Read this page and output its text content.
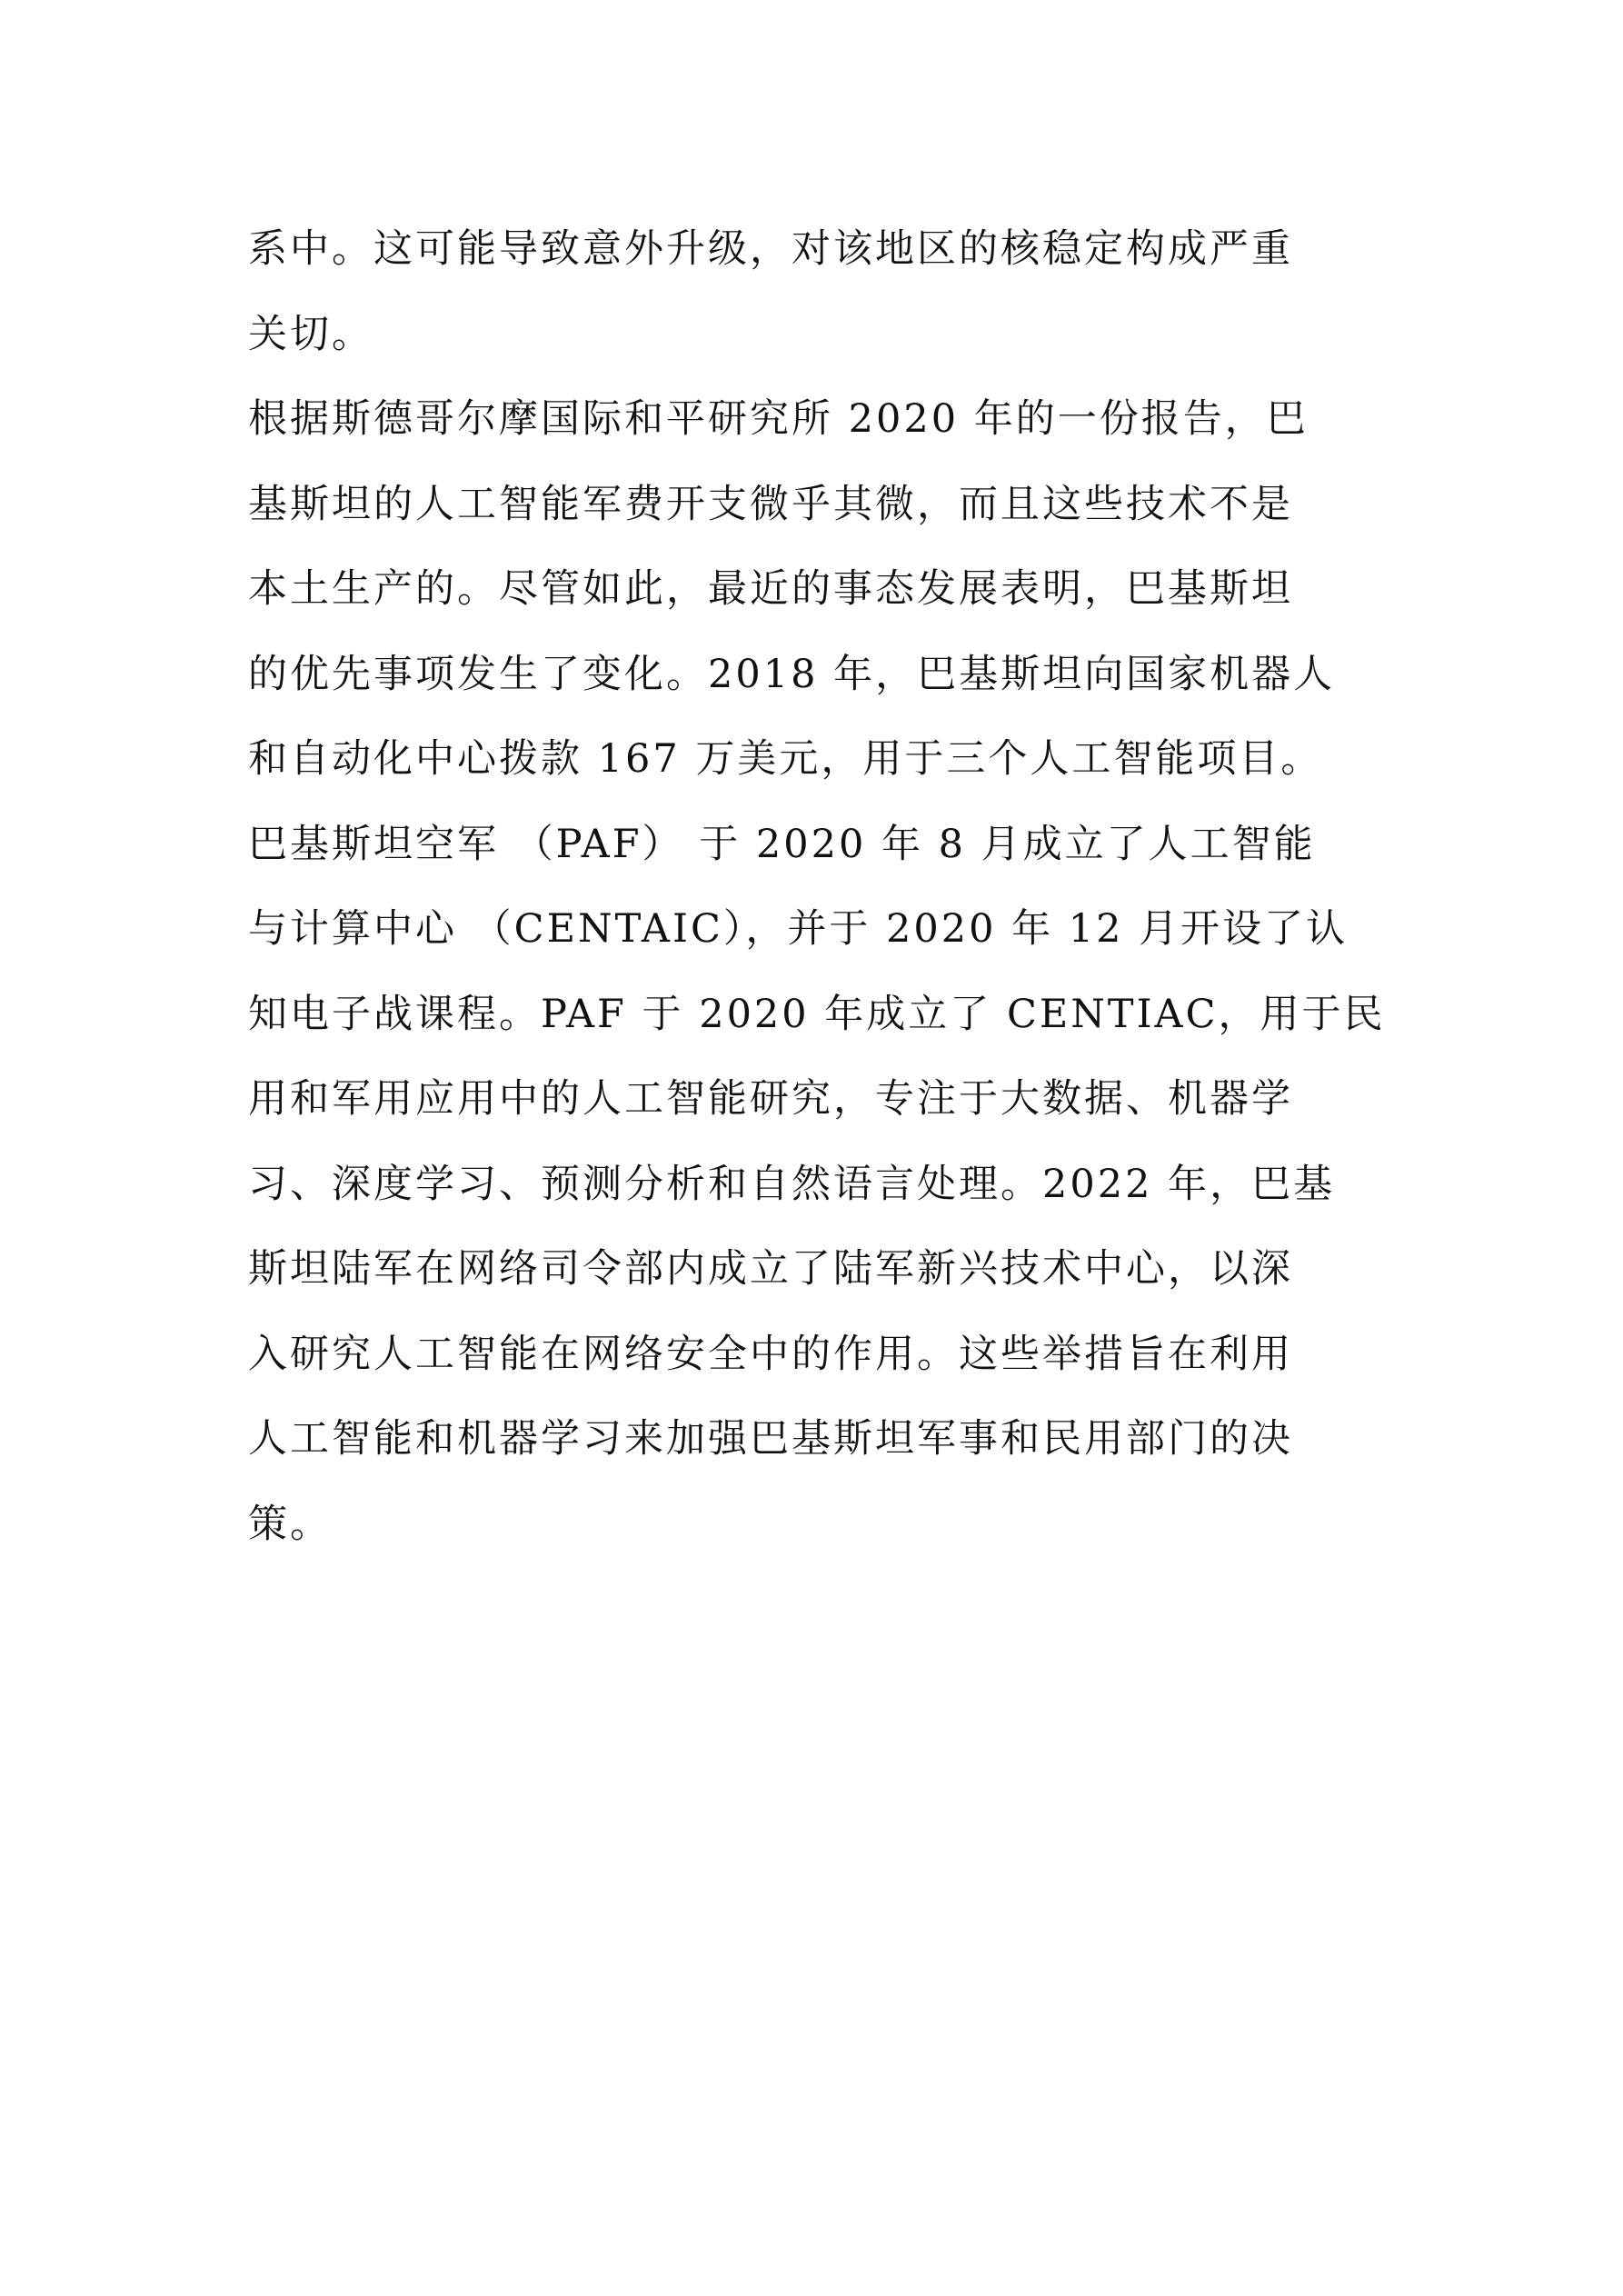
系中。这可能导致意外升级，对该地区的核稳定构成严重
关切。
根据斯德哥尔摩国际和平研究所 2020 年的一份报告，巴
基斯坦的人工智能军费开支微乎其微，而且这些技术不是
本土生产的。尽管如此，最近的事态发展表明，巴基斯坦
的优先事项发生了变化。2018 年，巴基斯坦向国家机器人
和自动化中心拨款 167 万美元，用于三个人工智能项目。
巴基斯坦空军 （PAF） 于 2020 年 8 月成立了人工智能
与计算中心 （CENTAIC），并于 2020 年 12 月开设了认
知电子战课程。PAF 于 2020 年成立了 CENTIAC，用于民
用和军用应用中的人工智能研究，专注于大数据、机器学
习、深度学习、预测分析和自然语言处理。2022 年，巴基
斯坦陆军在网络司令部内成立了陆军新兴技术中心，以深
入研究人工智能在网络安全中的作用。这些举措旨在利用
人工智能和机器学习来加强巴基斯坦军事和民用部门的决
策。
